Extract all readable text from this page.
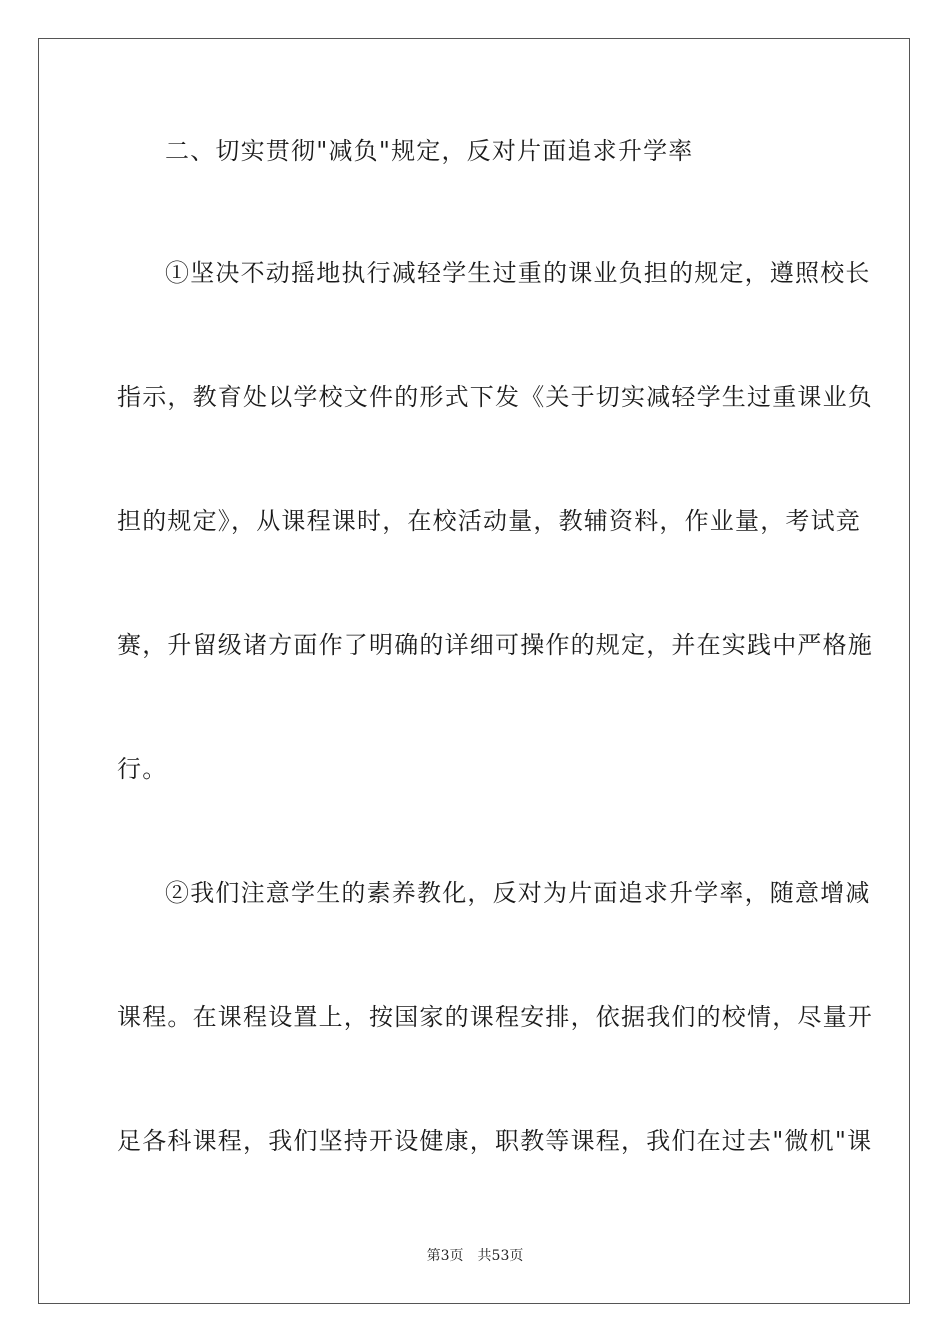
二、切实贯彻"减负"规定，反对片面追求升学率
①坚决不动摇地执行减轻学生过重的课业负担的规定，遵照校长
指示，教育处以学校文件的形式下发《关于切实减轻学生过重课业负
担的规定》，从课程课时，在校活动量，教辅资料，作业量，考试竞
赛，升留级诸方面作了明确的详细可操作的规定，并在实践中严格施
行。
②我们注意学生的素养教化，反对为片面追求升学率，随意增减
课程。在课程设置上，按国家的课程安排，依据我们的校情，尽量开
足各科课程，我们坚持开设健康，职教等课程，我们在过去"微机"课
第3页 共53页
